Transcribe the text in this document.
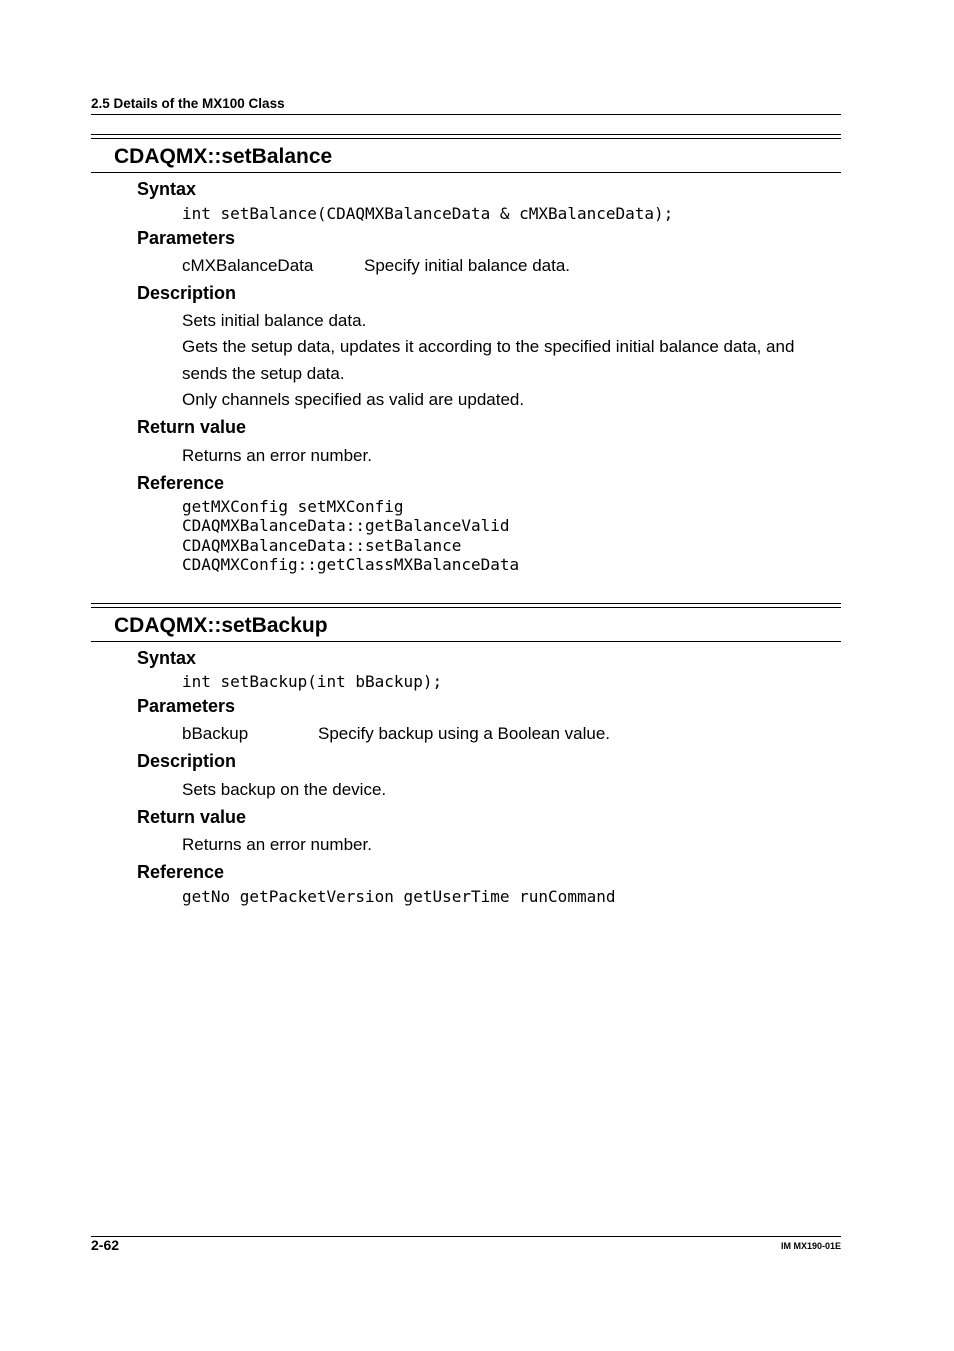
2.5 Details of the MX100 Class
CDAQMX::setBalance
Syntax
int setBalance(CDAQMXBalanceData & cMXBalanceData);
Parameters
cMXBalanceData	Specify initial balance data.
Description
Sets initial balance data.
Gets the setup data, updates it according to the specified initial balance data, and
sends the setup data.
Only channels specified as valid are updated.
Return value
Returns an error number.
Reference
getMXConfig setMXConfig
CDAQMXBalanceData::getBalanceValid
CDAQMXBalanceData::setBalance
CDAQMXConfig::getClassMXBalanceData
CDAQMX::setBackup
Syntax
int setBackup(int bBackup);
Parameters
bBackup	Specify backup using a Boolean value.
Description
Sets backup on the device.
Return value
Returns an error number.
Reference
getNo getPacketVersion getUserTime runCommand
2-62	IM MX190-01E
